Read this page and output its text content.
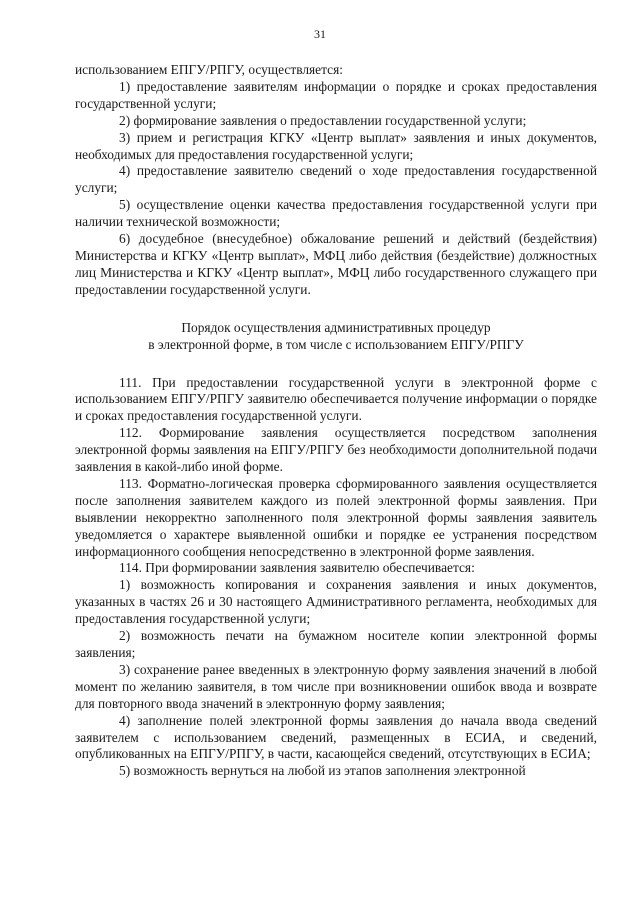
31

использованием ЕПГУ/РПГУ, осуществляется:

1) предоставление заявителям информации о порядке и сроках предоставления государственной услуги;

2) формирование заявления о предоставлении государственной услуги;

3) прием и регистрация КГКУ «Центр выплат» заявления и иных документов, необходимых для предоставления государственной услуги;

4) предоставление заявителю сведений о ходе предоставления государственной услуги;

5) осуществление оценки качества предоставления государственной услуги при наличии технической возможности;

6) досудебное (внесудебное) обжалование решений и действий (бездействия) Министерства и КГКУ «Центр выплат», МФЦ либо действия (бездействие) должностных лиц Министерства и КГКУ «Центр выплат», МФЦ либо государственного служащего при предоставлении государственной услуги.

Порядок осуществления административных процедур
в электронной форме, в том числе с использованием ЕПГУ/РПГУ

111. При предоставлении государственной услуги в электронной форме с использованием ЕПГУ/РПГУ заявителю обеспечивается получение информации о порядке и сроках предоставления государственной услуги.

112. Формирование заявления осуществляется посредством заполнения электронной формы заявления на ЕПГУ/РПГУ без необходимости дополнительной подачи заявления в какой-либо иной форме.

113. Форматно-логическая проверка сформированного заявления осуществляется после заполнения заявителем каждого из полей электронной формы заявления. При выявлении некорректно заполненного поля электронной формы заявления заявитель уведомляется о характере выявленной ошибки и порядке ее устранения посредством информационного сообщения непосредственно в электронной форме заявления.

114. При формировании заявления заявителю обеспечивается:

1) возможность копирования и сохранения заявления и иных документов, указанных в частях 26 и 30 настоящего Административного регламента, необходимых для предоставления государственной услуги;

2) возможность печати на бумажном носителе копии электронной формы заявления;

3) сохранение ранее введенных в электронную форму заявления значений в любой момент по желанию заявителя, в том числе при возникновении ошибок ввода и возврате для повторного ввода значений в электронную форму заявления;

4) заполнение полей электронной формы заявления до начала ввода сведений заявителем с использованием сведений, размещенных в ЕСИА, и сведений, опубликованных на ЕПГУ/РПГУ, в части, касающейся сведений, отсутствующих в ЕСИА;

5) возможность вернуться на любой из этапов заполнения электронной
